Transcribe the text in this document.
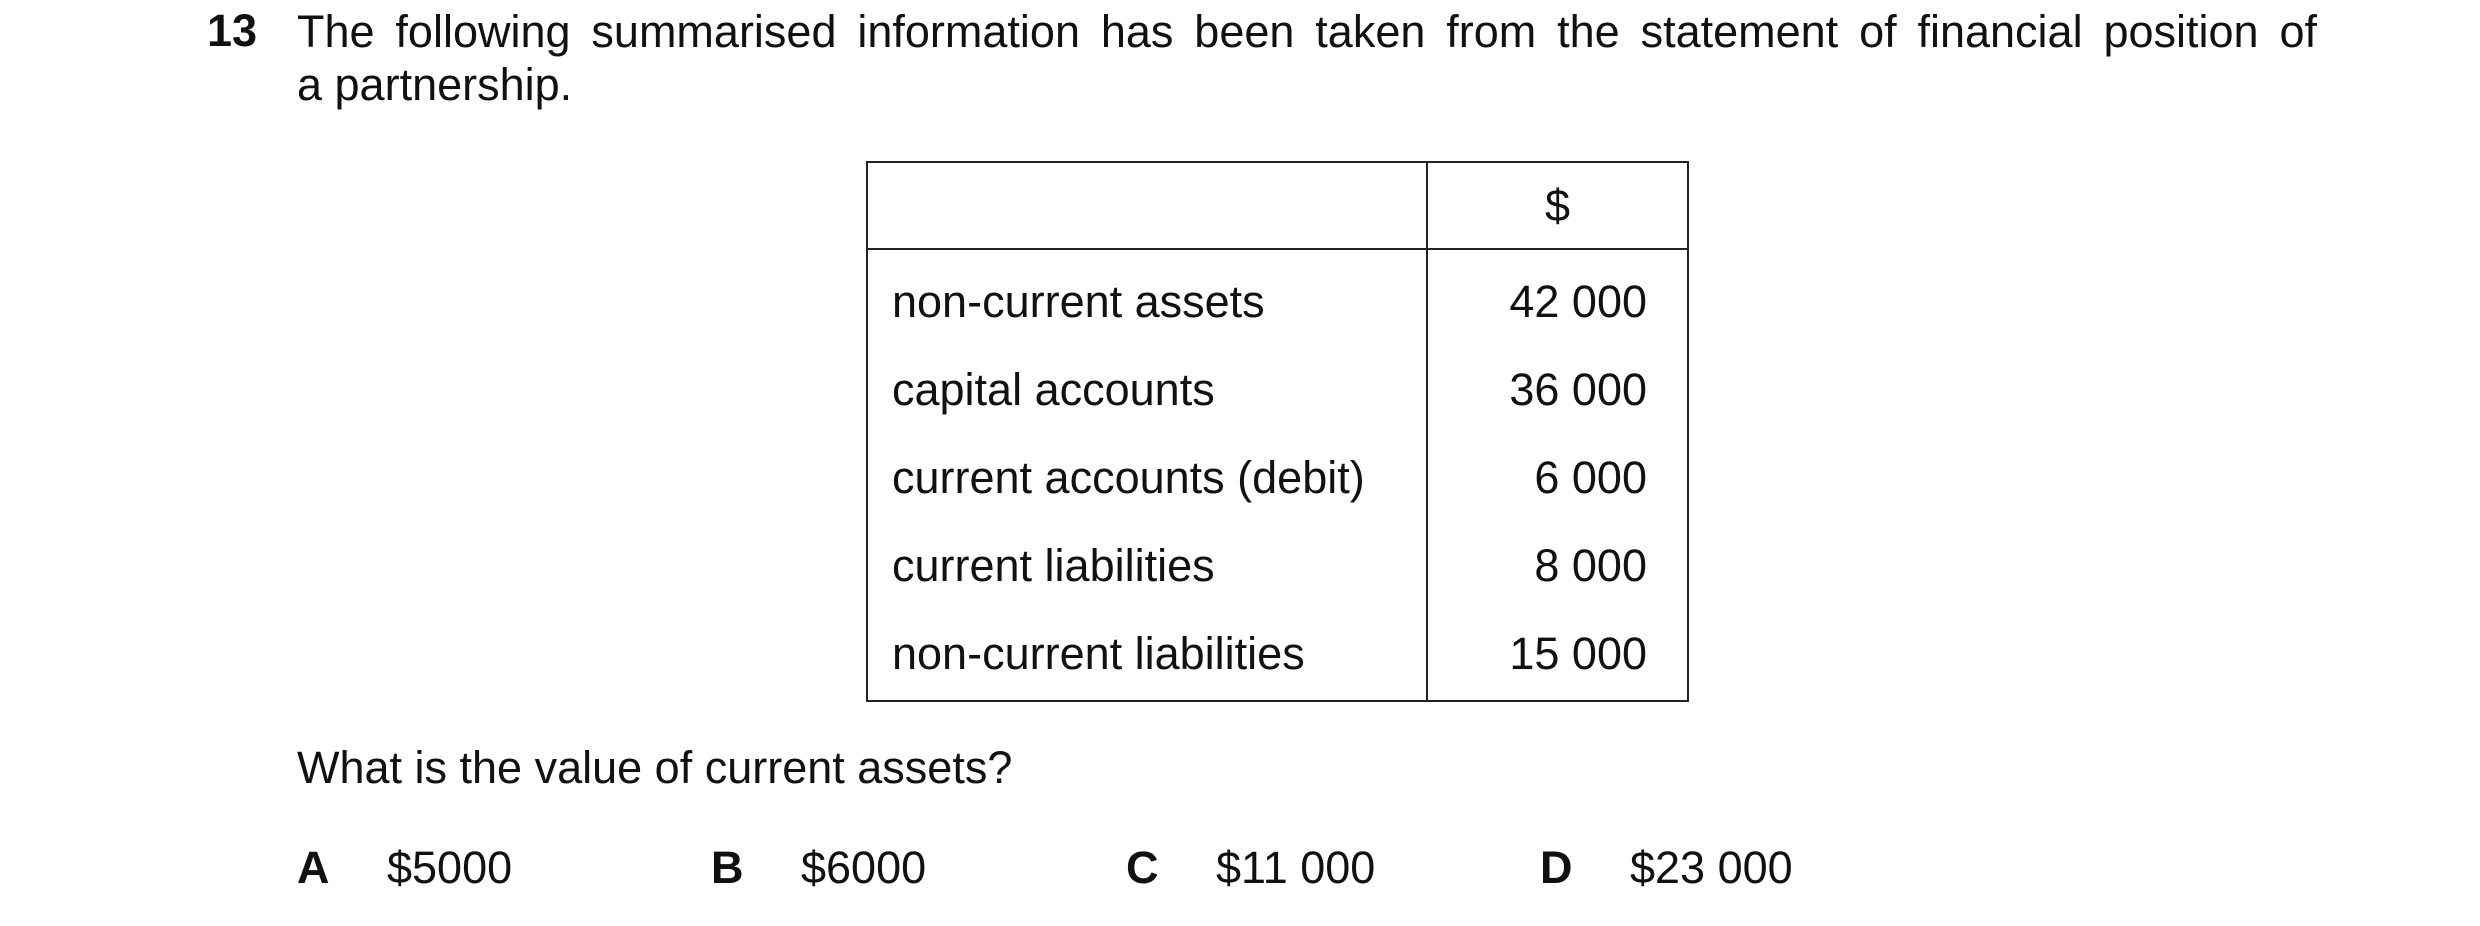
13 The following summarised information has been taken from the statement of financial position of
a partnership.
	$
non-current assets	42 000
capital accounts	36 000
current accounts (debit)	6 000
current liabilities	8 000
non-current liabilities	15 000
What is the value of current assets?
A $5000	B $6000	C $11 000	D $23 000
